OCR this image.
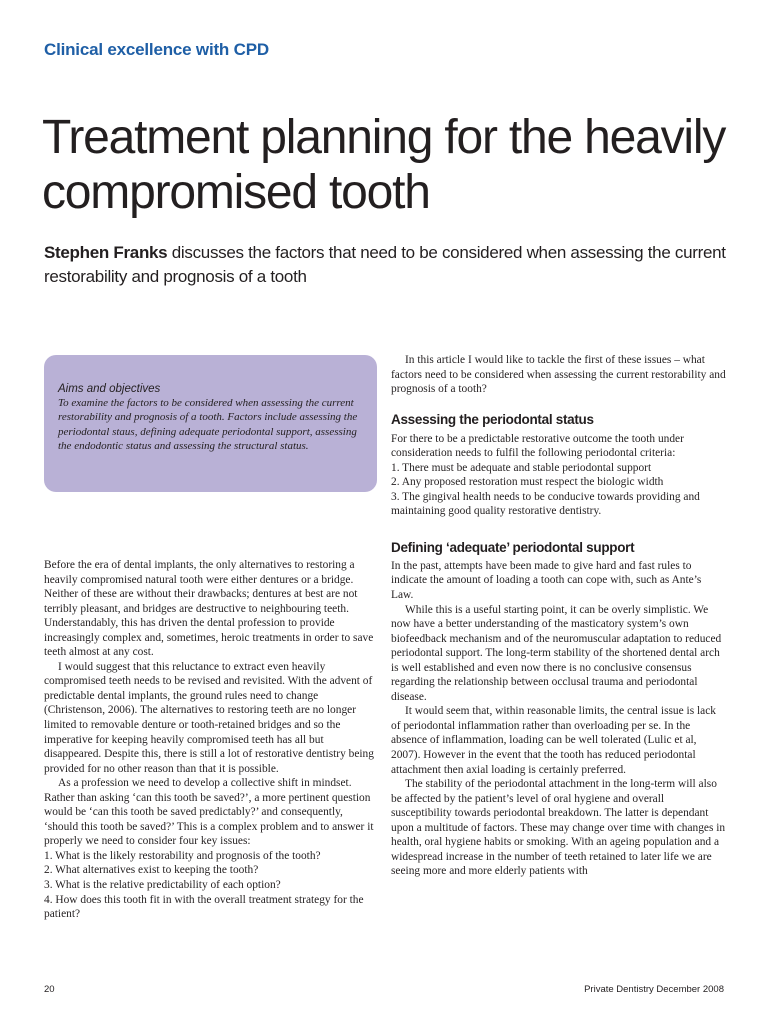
Clinical excellence with CPD
Treatment planning for the heavily
compromised tooth

Stephen Franks discusses the factors that need to be considered when assessing the current restorability and prognosis of a tooth

Aims and objectives

To examine the factors to be considered when assessing the current restorability and prognosis of a tooth. Factors include assessing the periodontal staus, defining adequate periodontal support, assessing the endodontic status and assessing the structural status.

Before the era of dental implants, the only alternatives to restoring a heavily compromised natural tooth were either dentures or a bridge. Neither of these are without their drawbacks; dentures at best are not terribly pleasant, and bridges are destructive to neighbouring teeth. Understandably, this has driven the dental profession to provide increasingly complex and, sometimes, heroic treatments in order to save teeth almost at any cost.

I would suggest that this reluctance to extract even heavily compromised teeth needs to be revised and revisited. With the advent of predictable dental implants, the ground rules need to change (Christenson, 2006). The alternatives to restoring teeth are no longer limited to removable denture or tooth-retained bridges and so the imperative for keeping heavily compromised teeth has all but disappeared. Despite this, there is still a lot of restorative dentistry being provided for no other reason than that it is possible.

As a profession we need to develop a collective shift in mindset. Rather than asking ‘can this tooth be saved?’, a more pertinent question would be ‘can this tooth be saved predictably?’ and consequently, ‘should this tooth be saved?’ This is a complex problem and to answer it properly we need to consider four key issues:

1. What is the likely restorability and prognosis of the tooth?

2. What alternatives exist to keeping the tooth?

3. What is the relative predictability of each option?

4. How does this tooth fit in with the overall treatment strategy for the patient?

In this article I would like to tackle the first of these issues – what factors need to be considered when assessing the current restorability and prognosis of a tooth?

Assessing the periodontal status

For there to be a predictable restorative outcome the tooth under consideration needs to fulfil the following periodontal criteria:

1. There must be adequate and stable periodontal support

2. Any proposed restoration must respect the biologic width

3. The gingival health needs to be conducive towards providing and maintaining good quality restorative dentistry.

Defining ‘adequate’ periodontal support

In the past, attempts have been made to give hard and fast rules to indicate the amount of loading a tooth can cope with, such as Ante’s Law.

While this is a useful starting point, it can be overly simplistic. We now have a better understanding of the masticatory system’s own biofeedback mechanism and of the neuromuscular adaptation to reduced periodontal support. The long-term stability of the shortened dental arch is well established and even now there is no conclusive consensus regarding the relationship between occlusal trauma and periodontal disease.

It would seem that, within reasonable limits, the central issue is lack of periodontal inflammation rather than overloading per se. In the absence of inflammation, loading can be well tolerated (Lulic et al, 2007). However in the event that the tooth has reduced periodontal attachment then axial loading is certainly preferred.

The stability of the periodontal attachment in the long-term will also be affected by the patient’s level of oral hygiene and overall susceptibility towards periodontal breakdown. The latter is dependant upon a multitude of factors. These may change over time with changes in health, oral hygiene habits or smoking. With an ageing population and a widespread increase in the number of teeth retained to later life we are seeing more and more elderly patients with

20	Private Dentistry December 2008
